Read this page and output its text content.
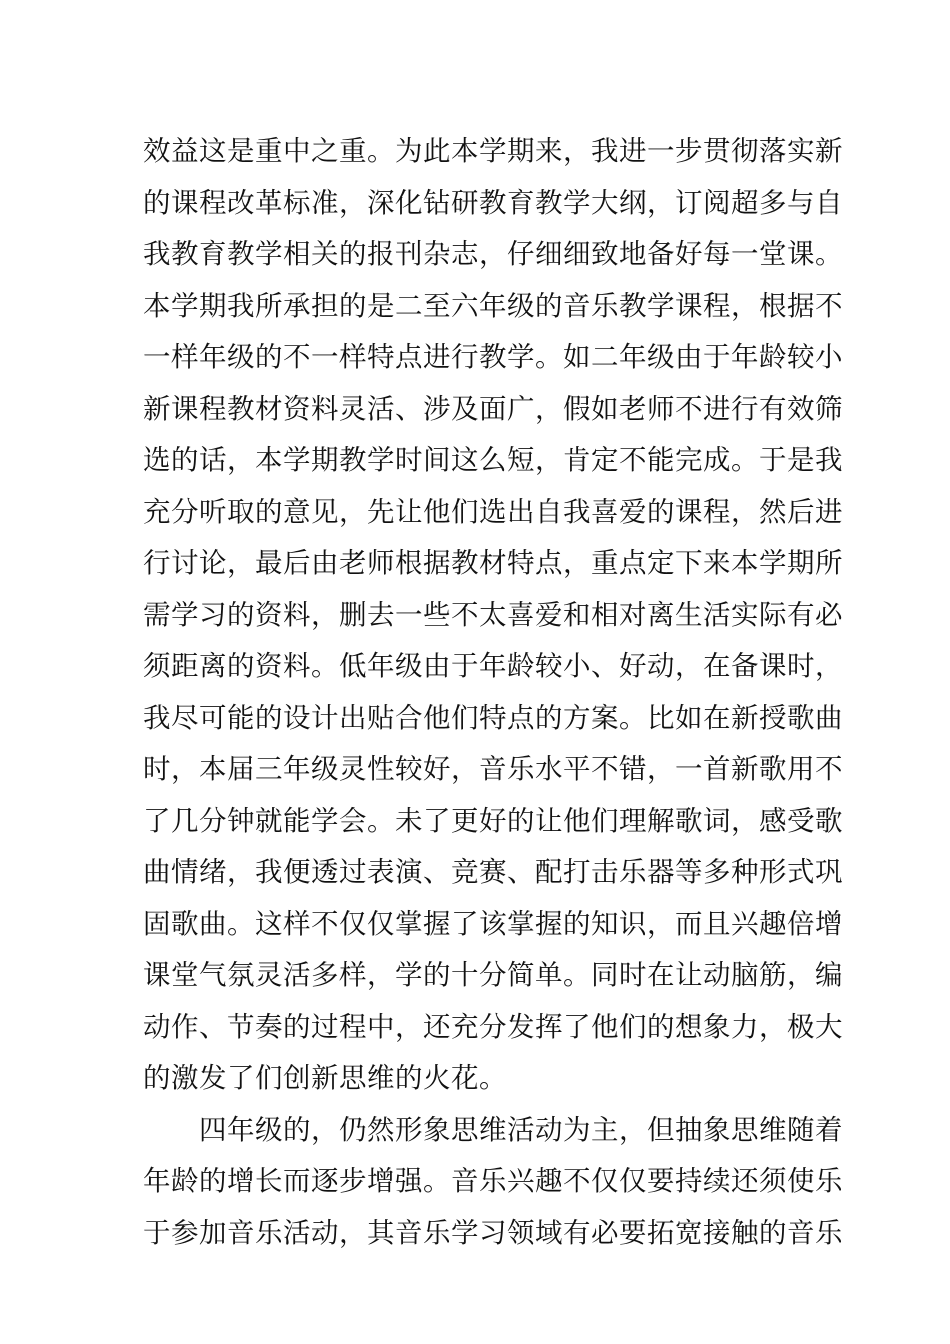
效益这是重中之重。为此本学期来，我进一步贯彻落实新
的课程改革标准，深化钻研教育教学大纲，订阅超多与自
我教育教学相关的报刊杂志，仔细细致地备好每一堂课。
本学期我所承担的是二至六年级的音乐教学课程，根据不
一样年级的不一样特点进行教学。如二年级由于年龄较小
新课程教材资料灵活、涉及面广，假如老师不进行有效筛
选的话，本学期教学时间这么短，肯定不能完成。于是我
充分听取的意见，先让他们选出自我喜爱的课程，然后进
行讨论，最后由老师根据教材特点，重点定下来本学期所
需学习的资料，删去一些不太喜爱和相对离生活实际有必
须距离的资料。低年级由于年龄较小、好动，在备课时，
我尽可能的设计出贴合他们特点的方案。比如在新授歌曲
时，本届三年级灵性较好，音乐水平不错，一首新歌用不
了几分钟就能学会。未了更好的让他们理解歌词，感受歌
曲情绪，我便透过表演、竞赛、配打击乐器等多种形式巩
固歌曲。这样不仅仅掌握了该掌握的知识，而且兴趣倍增
课堂气氛灵活多样，学的十分简单。同时在让动脑筋，编
动作、节奏的过程中，还充分发挥了他们的想象力，极大
的激发了们创新思维的火花。
四年级的，仍然形象思维活动为主，但抽象思维随着
年龄的增长而逐步增强。音乐兴趣不仅仅要持续还须使乐
于参加音乐活动，其音乐学习领域有必要拓宽接触的音乐
